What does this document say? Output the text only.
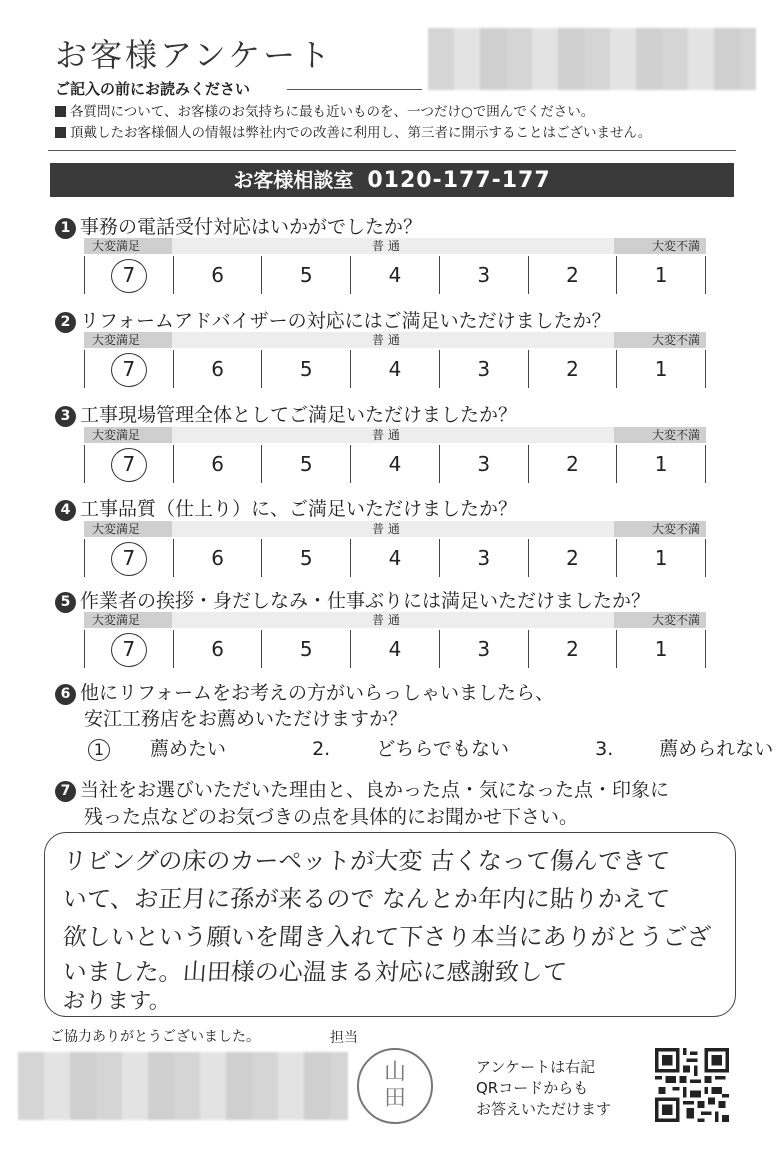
お客様アンケート
ご記入の前にお読みください
各質問について、お客様のお気持ちに最も近いものを、一つだけ○で囲んでください。
頂戴したお客様個人の情報は弊社内での改善に利用し、第三者に開示することはございません。
お客様相談室 0120-177-177
1 事務の電話受付対応はいかがでしたか？
大変満足	普 通	大変不満
7	6	5	4	3	2	1
2 リフォームアドバイザーの対応にはご満足いただけましたか？
大変満足	普 通	大変不満
7	6	5	4	3	2	1
3 工事現場管理全体としてご満足いただけましたか？
大変満足	普 通	大変不満
7	6	5	4	3	2	1
4 工事品質（仕上り）に、ご満足いただけましたか？
大変満足	普 通	大変不満
7	6	5	4	3	2	1
5 作業者の挨拶・身だしなみ・仕事ぶりには満足いただけましたか？
大変満足	普 通	大変不満
7	6	5	4	3	2	1
6 他にリフォームをお考えの方がいらっしゃいましたら、
安江工務店をお薦めいただけますか？
1 薦めたい	2. どちらでもない	3. 薦められない
7 当社をお選びいただいた理由と、良かった点・気になった点・印象に
残った点などのお気づきの点を具体的にお聞かせ下さい。
リビングの床のカーペットが大変 古くなって傷んできて
いて、お正月に孫が来るので なんとか年内に貼りかえて
欲しいという願いを聞き入れて下さり本当にありがとうござ
いました。山田様の心温まる対応に感謝致して
おります。
ご協力ありがとうございました。	担当
山
田
アンケートは右記
QRコードからも
お答えいただけます
